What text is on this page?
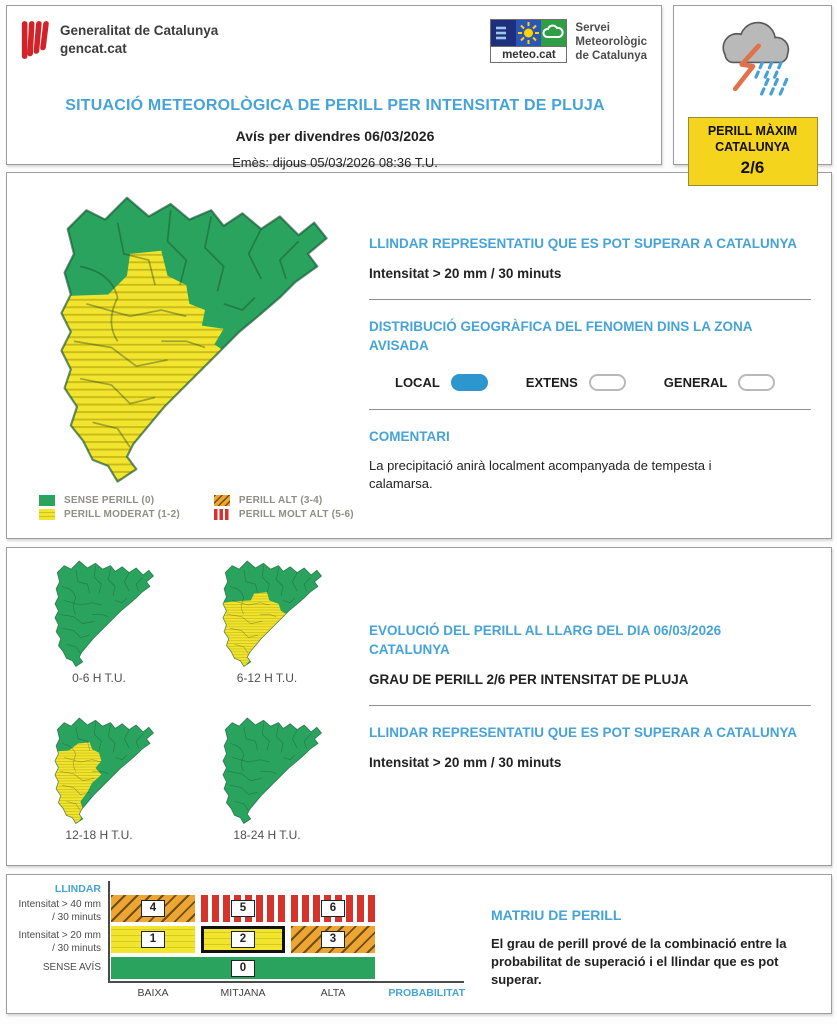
Generalitat de Catalunya
gencat.cat	meteo.cat
Servei
Meteorològic
de Catalunya
SITUACIÓ METEOROLÒGICA DE PERILL PER INTENSITAT DE PLUJA
Avís per divendres 06/03/2026
Emès: dijous 05/03/2026 08:36 T.U.
PERILL MÀXIM
CATALUNYA
2/6
SENSE PERILL (0)
PERILL MODERAT (1-2)
PERILL ALT (3-4)
PERILL MOLT ALT (5-6)

LLINDAR REPRESENTATIU QUE ES POT SUPERAR A CATALUNYA

Intensitat > 20 mm / 30 minuts

DISTRIBUCIÓ GEOGRÀFICA DEL FENOMEN DINS LA ZONA AVISADA

LOCAL	EXTENS	GENERAL

COMENTARI

La precipitació anirà localment acompanyada de tempesta i calamarsa.

0-6 H T.U.	6-12 H T.U.
12-18 H T.U.	18-24 H T.U.

EVOLUCIÓ DEL PERILL AL LLARG DEL DIA 06/03/2026 CATALUNYA

GRAU DE PERILL 2/6 PER INTENSITAT DE PLUJA

LLINDAR REPRESENTATIU QUE ES POT SUPERAR A CATALUNYA

Intensitat > 20 mm / 30 minuts
LLINDAR
Intensitat > 40 mm / 30 minuts
Intensitat > 20 mm / 30 minuts
SENSE AVÍS
4	5	6
1	2	3
0
BAIXA	MITJANA	ALTA	PROBABILITAT

MATRIU DE PERILL

El grau de perill prové de la combinació entre la probabilitat de superació i el llindar que es pot superar.
